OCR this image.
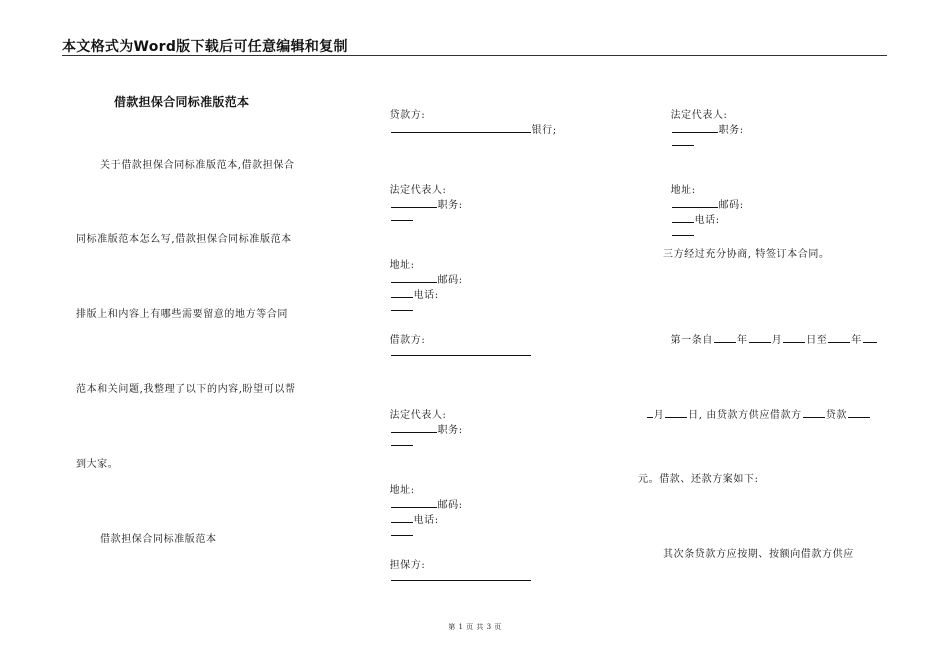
本文格式为Word版下载后可任意编辑和复制
借款担保合同标准版范本
关于借款担保合同标准版范本,借款担保合
同标准版范本怎么写,借款担保合同标准版范本
排版上和内容上有哪些需要留意的地方等合同
范本和关问题,我整理了以下的内容,盼望可以帮
到大家。
借款担保合同标准版范本

贷款方:
银行;

法定代表人:
职务:

地址:
邮码:
电话:

借款方:

法定代表人:
职务:

地址:
邮码:
电话:

担保方:

法定代表人:
职务:

地址:
邮码:
电话:

三方经过充分协商, 特签订本合同。

第一条自 年 月 日至 年

月 日, 由贷款方供应借款方 贷款

元。借款、还款方案如下:
其次条贷款方应按期、按额向借款方供应
第 1 页 共 3 页
